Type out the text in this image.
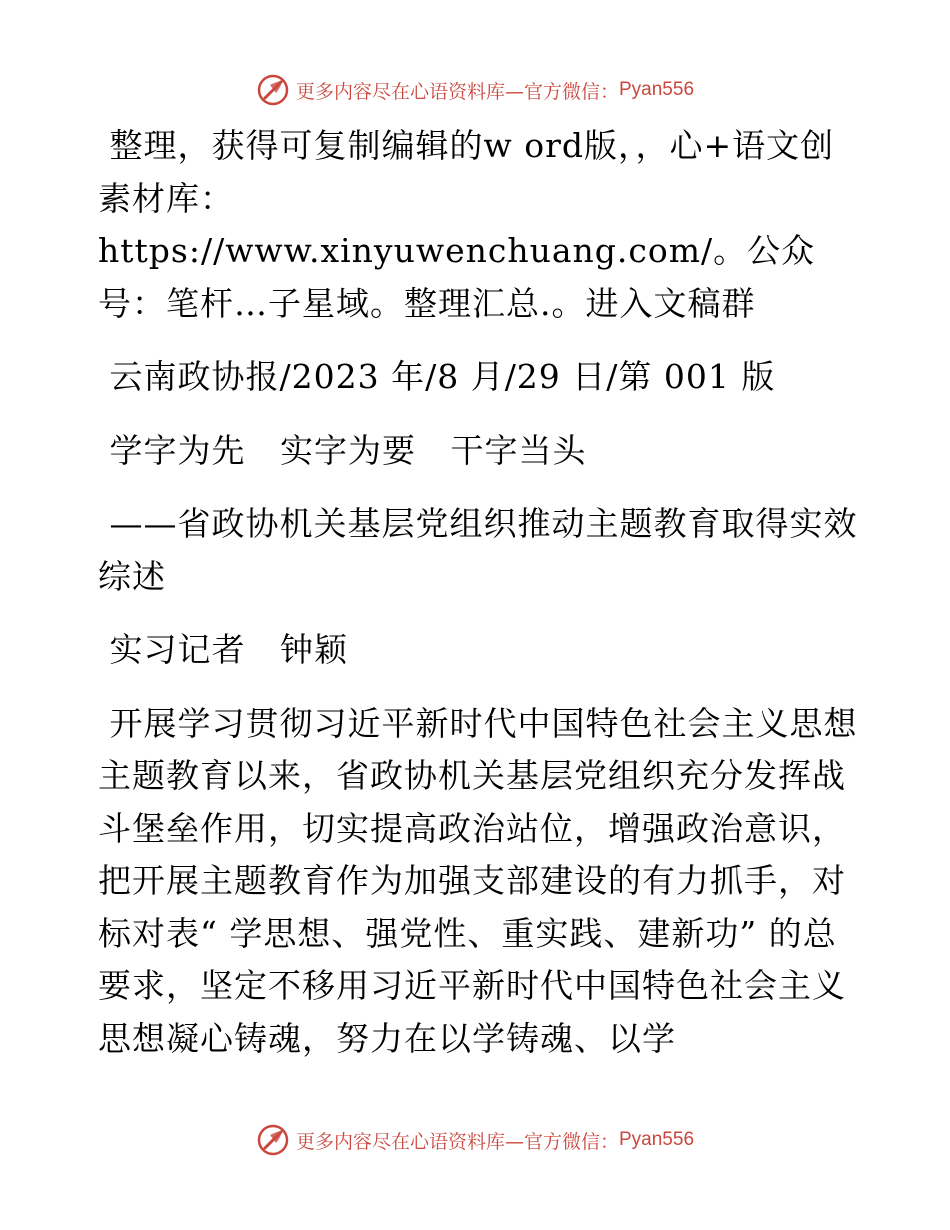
更多内容尽在心语资料库— 官方微信： Pyan556

整理，获得可复制编辑的w ord版，，心+语文创素材库：https://www.xinyuwenchuang.com/。公众号：笔杆…子星域。整理汇总.。进入文稿群

云南政协报/2023 年/8 月/29 日/第 001 版

学字为先   实字为要   干字当头

——省政协机关基层党组织推动主题教育取得实效综述

实习记者   钟颖

开展学习贯彻习近平新时代中国特色社会主义思想主题教育以来，省政协机关基层党组织充分发挥战斗堡垒作用，切实提高政治站位，增强政治意识，把开展主题教育作为加强支部建设的有力抓手，对标对表“ 学思想、强党性、重实践、建新功” 的总要求，坚定不移用习近平新时代中国特色社会主义思想凝心铸魂，努力在以学铸魂、以学

更多内容尽在心语资料库— 官方微信： Pyan556
